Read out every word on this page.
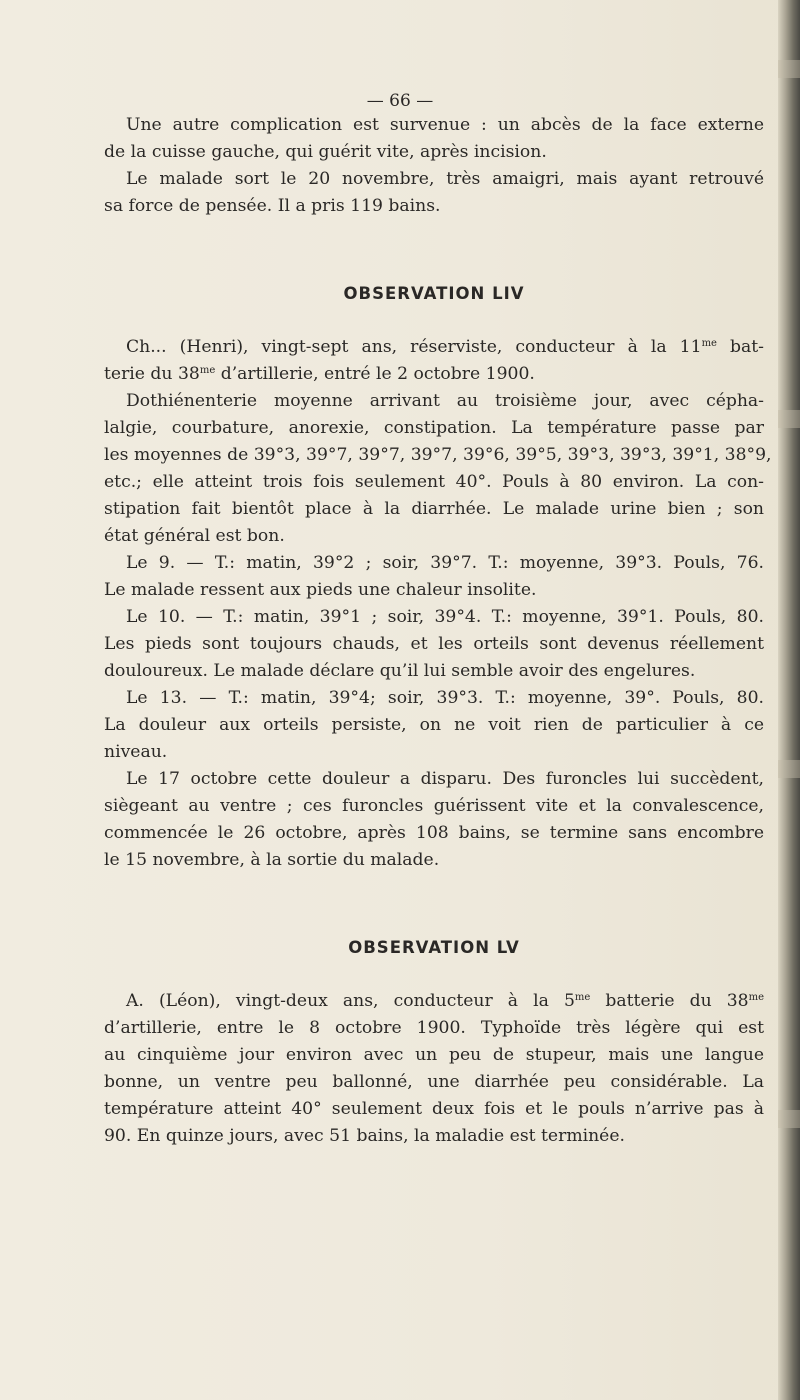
— 66 —
Une autre complication est survenue : un abcès de la face externe
de la cuisse gauche, qui guérit vite, après incision.
Le malade sort le 20 novembre, très amaigri, mais ayant retrouvé
sa force de pensée. Il a pris 119 bains.
OBSERVATION LIV
Ch... (Henri), vingt-sept ans, réserviste, conducteur à la $11^{me}$ bat-
terie du $38^{me}$ d’artillerie, entré le 2 octobre 1900.
Dothiénenterie moyenne arrivant au troisième jour, avec cépha-
lalgie, courbature, anorexie, constipation. La température passe par
les moyennes de 39°3, 39°7, 39°7, 39°7, 39°6, 39°5, 39°3, 39°3, 39°1, 38°9,
etc.; elle atteint trois fois seulement 40°. Pouls à 80 environ. La con-
stipation fait bientôt place à la diarrhée. Le malade urine bien ; son
état général est bon.
Le 9. — T.: matin, 39°2 ; soir, 39°7. T.: moyenne, 39°3. Pouls, 76.
Le malade ressent aux pieds une chaleur insolite.
Le 10. — T.: matin, 39°1 ; soir, 39°4. T.: moyenne, 39°1. Pouls, 80.
Les pieds sont toujours chauds, et les orteils sont devenus réellement
douloureux. Le malade déclare qu’il lui semble avoir des engelures.
Le 13. — T.: matin, 39°4; soir, 39°3. T.: moyenne, 39°. Pouls, 80.
La douleur aux orteils persiste, on ne voit rien de particulier à ce
niveau.
Le 17 octobre cette douleur a disparu. Des furoncles lui succèdent,
siègeant au ventre ; ces furoncles guérissent vite et la convalescence,
commencée le 26 octobre, après 108 bains, se termine sans encombre
le 15 novembre, à la sortie du malade.
OBSERVATION LV
A. (Léon), vingt-deux ans, conducteur à la $5^{me}$ batterie du $38^{me}$
d’artillerie, entre le 8 octobre 1900. Typhoïde très légère qui est
au cinquième jour environ avec un peu de stupeur, mais une langue
bonne, un ventre peu ballonné, une diarrhée peu considérable. La
température atteint 40° seulement deux fois et le pouls n’arrive pas à
90. En quinze jours, avec 51 bains, la maladie est terminée.
